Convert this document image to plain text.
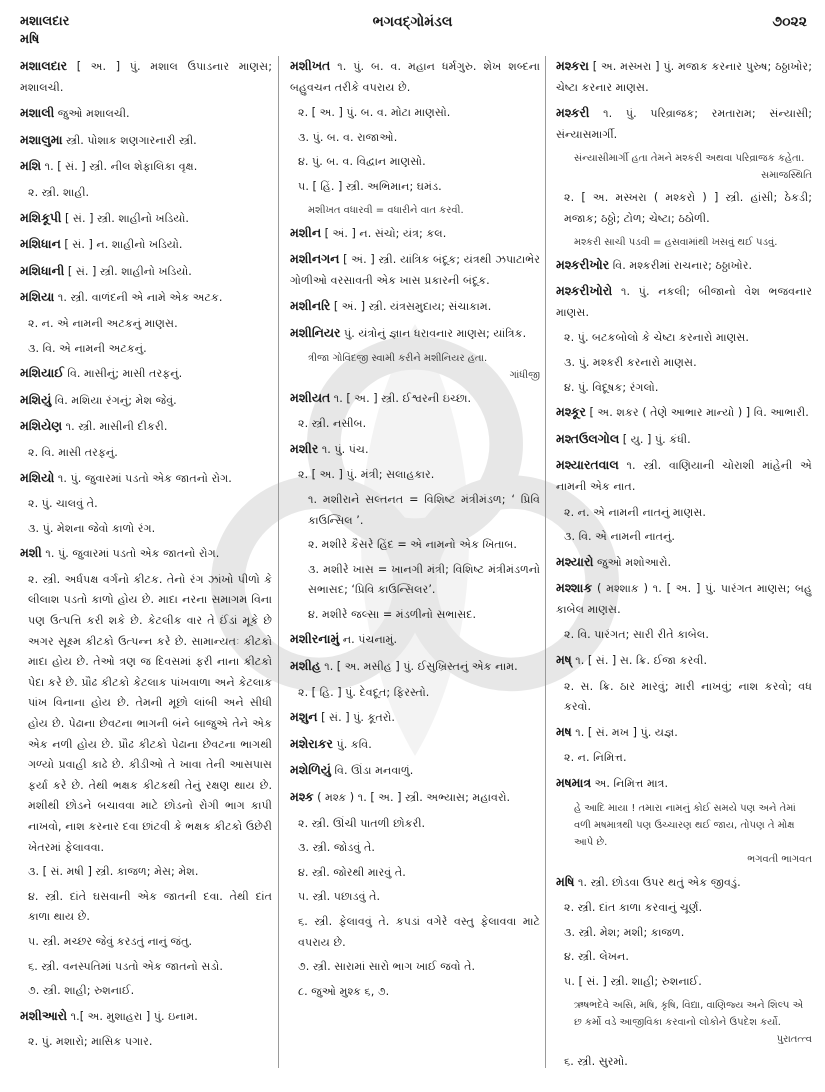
મશાલદાર
મષિ
ભગવદ્ગોમંડલ	૭૦૨૨
મશાલદાર [ અ. ] પું. મશાલ ઉપાડનાર માણસ; મશાલચી.
મશાલી જુઓ મશાલચી.
મશાલુમા સ્ત્રી. પોશાક શણગારનારી સ્ત્રી.
મશિ ૧. [ સં. ] સ્ત્રી. નીલ શેફાલિકા વૃક્ષ.
૨. સ્ત્રી. શાહી.
મશિકૂપી [ સં. ] સ્ત્રી. શાહીનો ખડિયો.
મશિધાન [ સં. ] ન. શાહીનો ખડિયો.
મશિધાની [ સં. ] સ્ત્રી. શાહીનો ખડિયો.
મશિયા ૧. સ્ત્રી. વાળંદની એ નામે એક અટક.
૨. ન. એ નામની અટકનું માણસ.
૩. વિ. એ નામની અટકનું.
મશિયાઈ વિ. માસીનું; માસી તરફનું.
મશિયું વિ. મશિયા રંગનું; મેશ જેવું.
મશિયેણ ૧. સ્ત્રી. માસીની દીકરી.
૨. વિ. માસી તરફનું.
મશિયો ૧. પું. જુવારમાં પડતો એક જાતનો રોગ.
૨. પું. ચાલવું તે.
૩. પું. મેશના જેવો કાળો રંગ.
મશી ૧. પું. જુવારમાં પડતો એક જાતનો રોગ.
૨. સ્ત્રી. અર્ધપક્ષ વર્ગનો કીટક. તેનો રંગ ઝાંખો પીળો કે લીલાશ પડતો કાળો હોય છે. માદા નરના સમાગમ વિના પણ ઉત્પત્તિ કરી શકે છે. કેટલીક વાર તે ઈંડાં મૂકે છે અગર સૂક્ષ્મ કીટકો ઉત્પન્ન કરે છે. સામાન્યતઃ કીટકો માદા હોય છે. તેઓ ત્રણ જ દિવસમાં ફરી નાના કીટકો પેદા કરે છે. પ્રૌઢ કીટકો કેટલાક પાંખવાળા અને કેટલાક પાંખ વિનાના હોય છે. તેમની મૂછો લાંબી અને સીધી હોય છે. પેઢાના છેવટના ભાગની બંને બાજુએ તેને એક એક નળી હોય છે. પ્રૌઢ કીટકો પેઢાના છેવટના ભાગથી ગળ્યો પ્રવાહી કાઢે છે. કીડીઓ તે ખાવા તેની આસપાસ ફર્યા કરે છે. તેથી ભક્ષક કીટકથી તેનું રક્ષણ થાય છે. મશીથી છોડને બચાવવા માટે છોડનો રોગી ભાગ કાપી નાખવો, નાશ કરનાર દવા છાંટવી કે ભક્ષક કીટકો ઉછેરી ખેતરમાં ફેલાવવા.
૩. [ સં. મષી ] સ્ત્રી. કાજળ; મેસ; મેશ.
૪. સ્ત્રી. દાંતે ઘસવાની એક જાતની દવા. તેથી દાંત કાળા થાય છે.
૫. સ્ત્રી. મચ્છર જેવું કરડતું નાનું જંતુ.
૬. સ્ત્રી. વનસ્પતિમાં પડતો એક જાતનો સડો.
૭. સ્ત્રી. શાહી; રુશનાઈ.
મશીઆરો ૧.[ અ. મુશાહરા ] પું. ઇનામ.
૨. પું. મશારો; માસિક પગાર.
મશીખત ૧. પું. બ. વ. મહાન ધર્મગુરુ. શેખ શબ્દના બહુવચન તરીકે વપરાય છે.
૨. [ અ. ] પું. બ. વ. મોટા માણસો.
૩. પું. બ. વ. રાજાઓ.
૪. પું. બ. વ. વિદ્વાન માણસો.
૫. [ હિં. ] સ્ત્રી. અભિમાન; ઘમંડ.
મશીખત વધારવી = વધારીને વાત કરવી.
મશીન [ અં. ] ન. સંચો; યંત્ર; કલ.
મશીનગન [ અં. ] સ્ત્રી. યાંત્રિક બંદૂક; યંત્રથી ઝપાટાભેર ગોળીઓ વરસાવતી એક ખાસ પ્રકારની બંદૂક.
મશીનરિ [ અં. ] સ્ત્રી. યંત્રસમુદાય; સંચાકામ.
મશીનિયર પું. યંત્રોનું જ્ઞાન ધરાવનાર માણસ; યાંત્રિક.
ત્રીજા ગોવિંદજી સ્વામી કરીને મશીનિયર હતા.
ગાંધીજી
મશીયત ૧. [ અ. ] સ્ત્રી. ઈશ્વરની ઇચ્છા.
૨. સ્ત્રી. નસીબ.
મશીર ૧. પું. પંચ.
૨. [ અ. ] પું. મંત્રી; સલાહકાર.
૧. મશીરાને સલ્તનત = વિશિષ્ટ મંત્રીમંડળ; ‘ પ્રિવિ કાઉન્સિલ ’.
૨. મશીરે કૈસરે હિંદ = એ નામનો એક ખિતાબ.
૩. મશીરે ખાસ = ખાનગી મંત્રી; વિશિષ્ટ મંત્રીમંડળનો સભાસદ; ‘પ્રિવિ કાઉન્સિલર’.
૪. મશીરે જલ્સા = મંડળીનો સભાસદ.
મશીરનામું ન. પંચનામું.
મશીહ ૧. [ અ. મસીહ ] પું. ઈસુખ્રિસ્તનું એક નામ.
૨. [ હિ. ] પું. દેવદૂત; ફિરસ્તો.
મશુન [ સં. ] પું. કૂતરો.
મશેરાકર પું. કવિ.
મશેળિયું વિ. ઊંડા મનવાળું.
મશ્ક ( મશ્ક઼ ) ૧. [ અ. ] સ્ત્રી. અભ્યાસ; મહાવરો.
૨. સ્ત્રી. ઊંચી પાતળી છોકરી.
૩. સ્ત્રી. જોડવું તે.
૪. સ્ત્રી. જોરથી મારવું તે.
૫. સ્ત્રી. પછાડવું તે.
૬. સ્ત્રી. ફેલાવવું તે. કપડાં વગેરે વસ્તુ ફેલાવવા માટે વપરાય છે.
૭. સ્ત્રી. સારામાં સારો ભાગ ખાઈ જવો તે.
૮. જુઓ મુશ્ક ૬, ૭.
મશ્કરા [ અ. મસ્ખરા ] પું. મજાક કરનાર પુરુષ; ઠઠ્ઠાખોર; ચેષ્ટા કરનાર માણસ.
મશ્કરી ૧. પું. પરિવ્રાજક; રમતારામ; સંન્યાસી; સંન્યાસમાર્ગી.
સંન્યાસીમાર્ગી હતા તેમને મશ્કરી અથવા પરિવ્રાજક કહેતા.
સમાજસ્થિતિ
૨. [ અ. મસ્ખરા ( મશ્કરો ) ] સ્ત્રી. હાંસી; ઠેકડી; મજાક; ઠઠ્ઠો; ટોળ; ચેષ્ટા; ઠઠોળી.
મશ્કરી સાચી પડવી = હસવામાંથી ખસવું થઈ પડવું.
મશ્કરીખોર વિ. મશ્કરીમાં રાચનાર; ઠઠ્ઠાખોર.
મશ્કરીખોરો ૧. પું. નકલી; બીજાનો વેશ ભજવનાર માણસ.
૨. પું. બટકબોલો કે ચેષ્ટા કરનારો માણસ.
૩. પું. મશ્કરી કરનારો માણસ.
૪. પું. વિદૂષક; રંગલો.
મશ્કૂર [ અ. શકર ( તેણે આભાર માન્યો ) ] વિ. આભારી.
મશ્તઉલગોલ [ યુ. ] પું. કંધી.
મશ્યારતવાલ ૧. સ્ત્રી. વાણિયાની ચોરાશી માંહેની એ નામની એક નાત.
૨. ન. એ નામની નાતનું માણસ.
૩. વિ. એ નામની નાતનું.
મશ્યારો જુઓ મશોઆરો.
મશ્શાક ( મશ્શાક઼ ) ૧. [ અ. ] પું. પારંગત માણસ; બહુ કાબેલ માણસ.
૨. વિ. પારંગત; સારી રીતે કાબેલ.
મષ્ ૧. [ સં. ] સ. ક્રિ. ઈજા કરવી.
૨. સ. ક્રિ. ઠાર મારવું; મારી નાખવું; નાશ કરવો; વધ કરવો.
મષ ૧. [ સં. મખ ] પું. યજ્ઞ.
૨. ન. નિમિત્ત.
મષમાત્ર અ. નિમિત્ત માત્ર.
હે આદિ માયા ! તમારા નામનું કોઈ સમયે પણ અને તેમાં વળી મષમાત્રથી પણ ઉચ્ચારણ થઈ જાય, તોપણ તે મોક્ષ આપે છે.
ભગવતી ભાગવત
મષિ ૧. સ્ત્રી. છોડવા ઉપર થતું એક જીવડું.
૨. સ્ત્રી. દાંત કાળા કરવાનું ચૂર્ણ.
૩. સ્ત્રી. મેશ; મશી; કાજળ.
૪. સ્ત્રી. લેખન.
૫. [ સં. ] સ્ત્રી. શાહી; રુશનાઈ.
ઋષભદેવે અસિ, મષિ, કૃષિ, વિદ્યા, વાણિજ્ય અને શિલ્પ એ છ કર્મો વડે આજીવિકા કરવાનો લોકોને ઉપદેશ કર્યો.
પુરાતત્ત્વ
૬. સ્ત્રી. સુરમો.
